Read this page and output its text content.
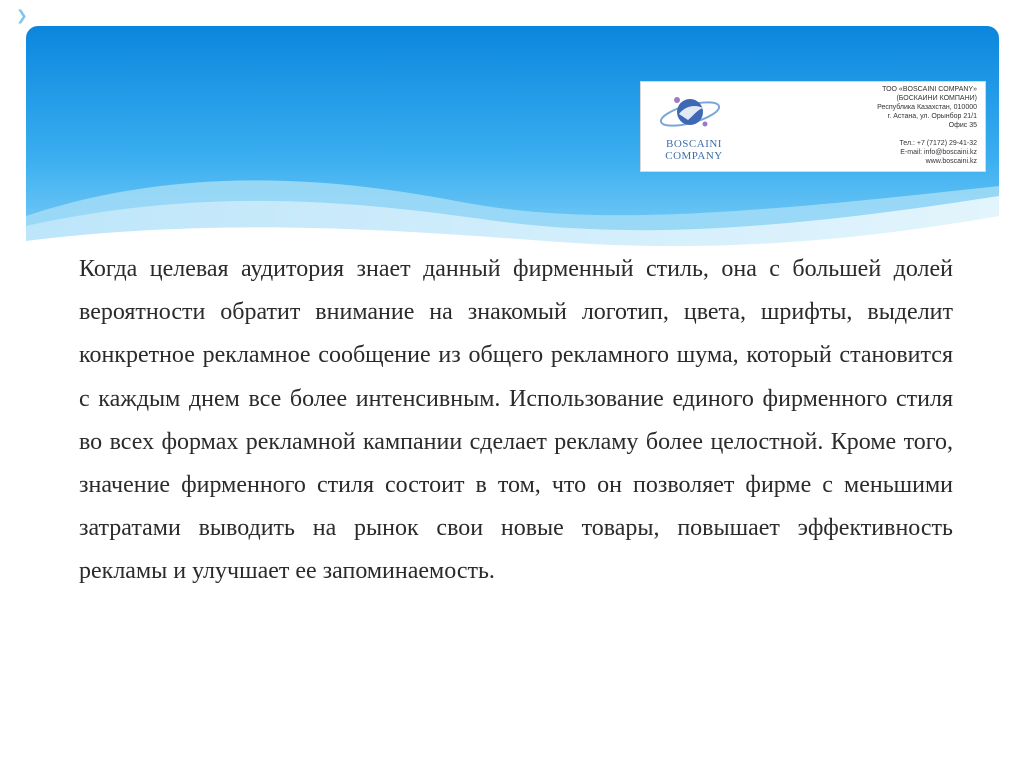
❯
BOSCAINI COMPANY
ТОО «BOSCAINI COMPANY»
(БОСКАИНИ КОМПАНИ)
Республика Казахстан, 010000
г. Астана, ул. Орынбор 21/1
Офис 35
Тел.: +7 (7172) 29-41-32
E-mail: info@boscaini.kz
www.boscaini.kz

Когда целевая аудитория знает данный фирменный стиль, она с большей долей вероятности обратит внимание на знакомый логотип, цвета, шрифты, выделит конкретное рекламное сообщение из общего рекламного шума, который становится с каждым днем все более интенсивным. Использование единого фирменного стиля во всех формах рекламной кампании сделает рекламу более целостной. Кроме того, значение фирменного стиля состоит в том, что он позволяет фирме с меньшими затратами выводить на рынок свои новые товары, повышает эффективность рекламы и улучшает ее запоминаемость.
